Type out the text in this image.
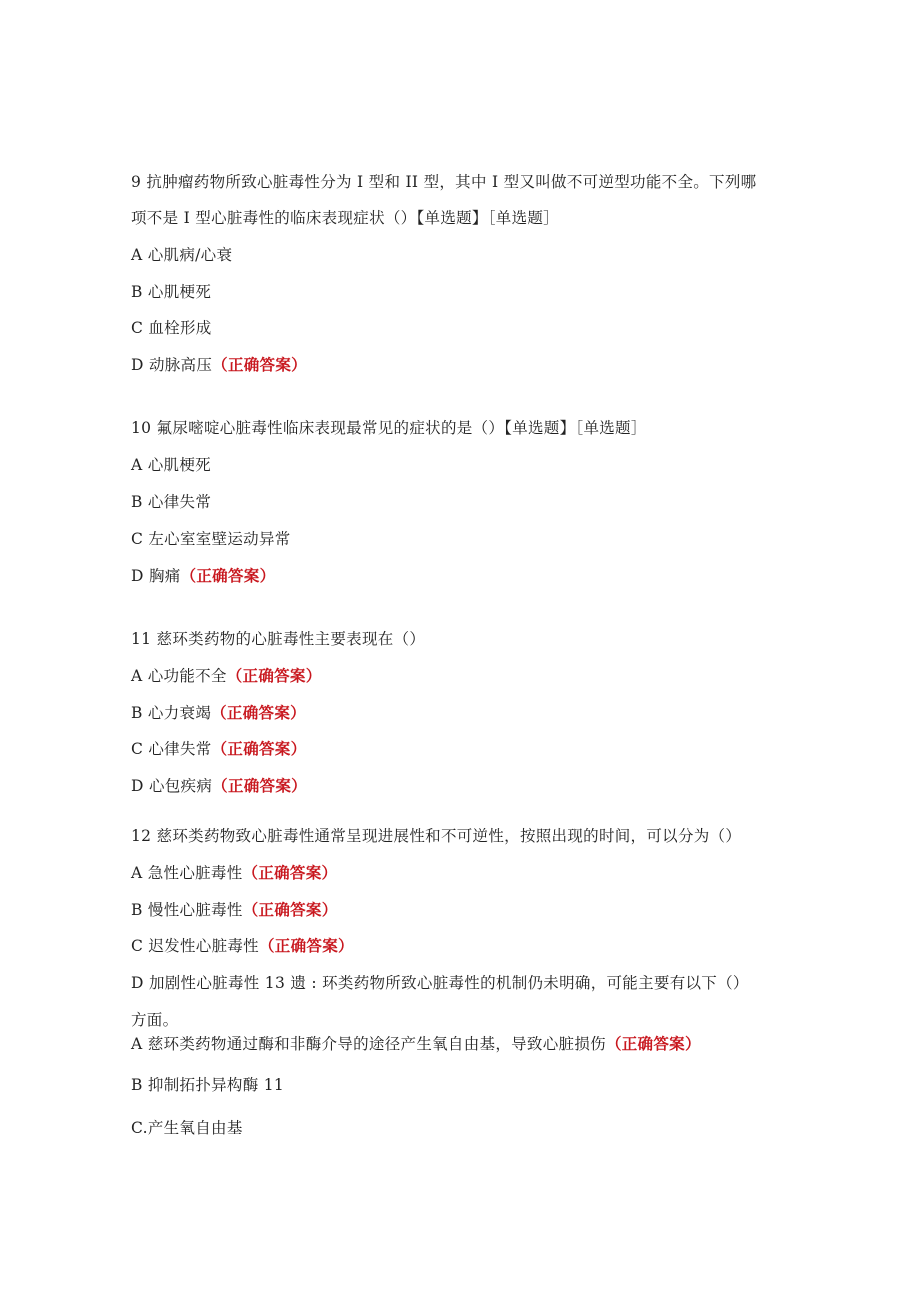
9 抗肿瘤药物所致心脏毒性分为 I 型和 II 型，其中 I 型又叫做不可逆型功能不全。下列哪
项不是 I 型心脏毒性的临床表现症状（）【单选题】［单选题］
A 心肌病/心衰
B 心肌梗死
C 血栓形成
D 动脉高压（正确答案）
10 氟尿嘧啶心脏毒性临床表现最常见的症状的是（）【单选题】［单选题］
A 心肌梗死
B 心律失常
C 左心室室壁运动异常
D 胸痛（正确答案）
11 慈环类药物的心脏毒性主要表现在（）
A 心功能不全（正确答案）
B 心力衰竭（正确答案）
C 心律失常（正确答案）
D 心包疾病（正确答案）
12 慈环类药物致心脏毒性通常呈现进展性和不可逆性，按照出现的时间，可以分为（）
A 急性心脏毒性（正确答案）
B 慢性心脏毒性（正确答案）
C 迟发性心脏毒性（正确答案）
D 加剧性心脏毒性 13 遗 : 环类药物所致心脏毒性的机制仍未明确，可能主要有以下（）
方面。
A 慈环类药物通过酶和非酶介导的途径产生氧自由基，导致心脏损伤（正确答案）
B 抑制拓扑异构酶 11
C.产生氧自由基
